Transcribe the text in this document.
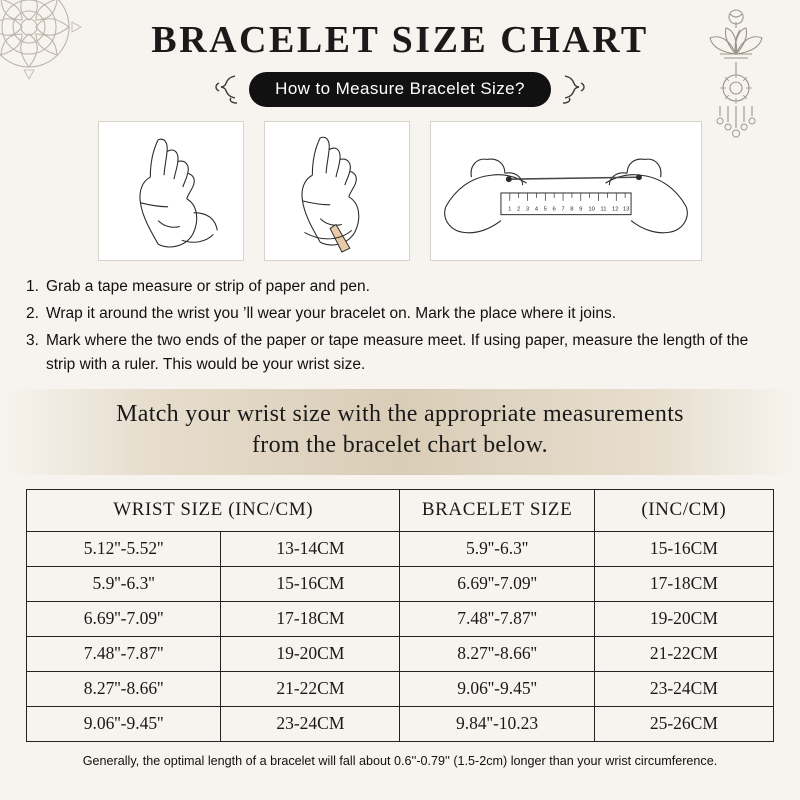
BRACELET SIZE CHART
How to Measure Bracelet Size?
1 2 3 4 5 6 7 8 9 10 11 12 13
1. Grab a tape measure or strip of paper and pen.
2. Wrap it around the wrist you ’ll wear your bracelet on. Mark the place where it joins.
3. Mark where the two ends of the paper or tape measure meet. If using paper, measure the length of the strip with a ruler. This would be your wrist size.
Match your wrist size with the appropriate measurements
from the bracelet chart below.
WRIST SIZE (INC/CM)		BRACELET SIZE	(INC/CM)
5.12''-5.52''	13-14CM	5.9''-6.3''	15-16CM
5.9''-6.3''	15-16CM	6.69''-7.09''	17-18CM
6.69''-7.09''	17-18CM	7.48''-7.87''	19-20CM
7.48''-7.87''	19-20CM	8.27''-8.66''	21-22CM
8.27''-8.66''	21-22CM	9.06''-9.45''	23-24CM
9.06''-9.45''	23-24CM	9.84''-10.23	25-26CM
Generally, the optimal length of a bracelet will fall about 0.6''-0.79'' (1.5-2cm) longer than your wrist circumference.
